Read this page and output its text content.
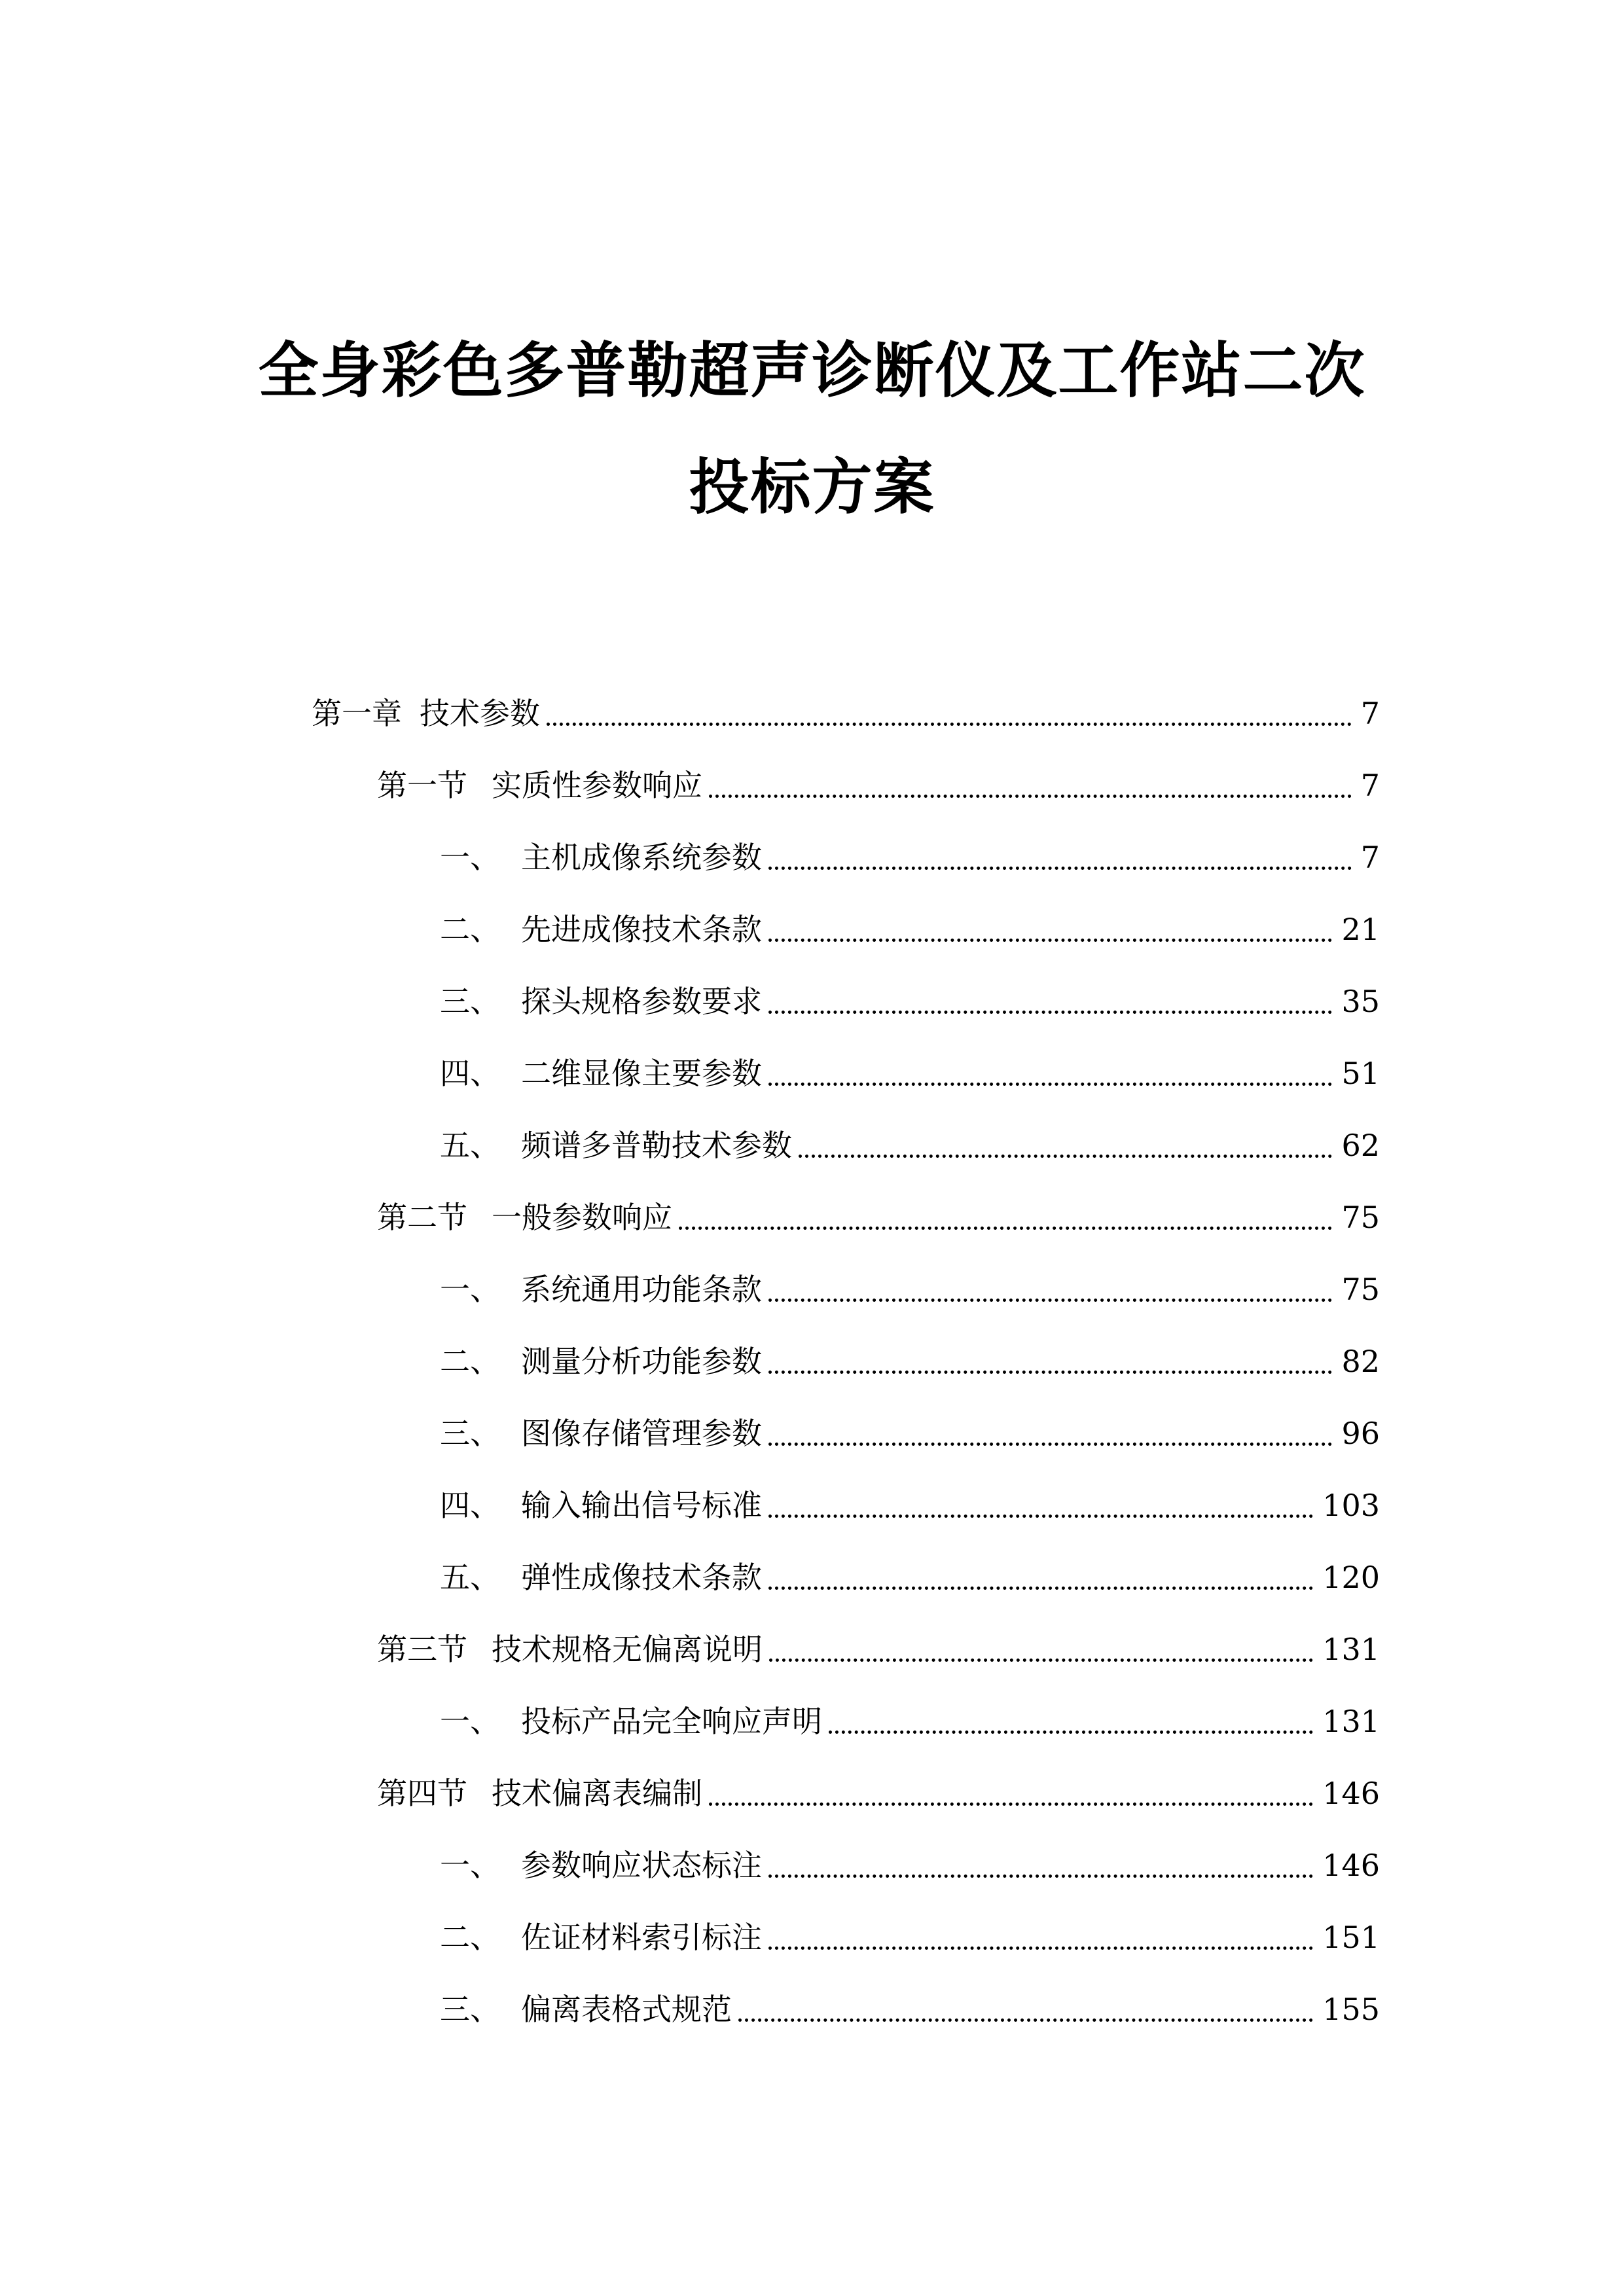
全身彩色多普勒超声诊断仪及工作站二次
投标方案
第一章 技术参数	7
第一节 实质性参数响应	7
一、 主机成像系统参数	7
二、 先进成像技术条款	21
三、 探头规格参数要求	35
四、 二维显像主要参数	51
五、 频谱多普勒技术参数	62
第二节 一般参数响应	75
一、 系统通用功能条款	75
二、 测量分析功能参数	82
三、 图像存储管理参数	96
四、 输入输出信号标准	103
五、 弹性成像技术条款	120
第三节 技术规格无偏离说明	131
一、 投标产品完全响应声明	131
第四节 技术偏离表编制	146
一、 参数响应状态标注	146
二、 佐证材料索引标注	151
三、 偏离表格式规范	155
